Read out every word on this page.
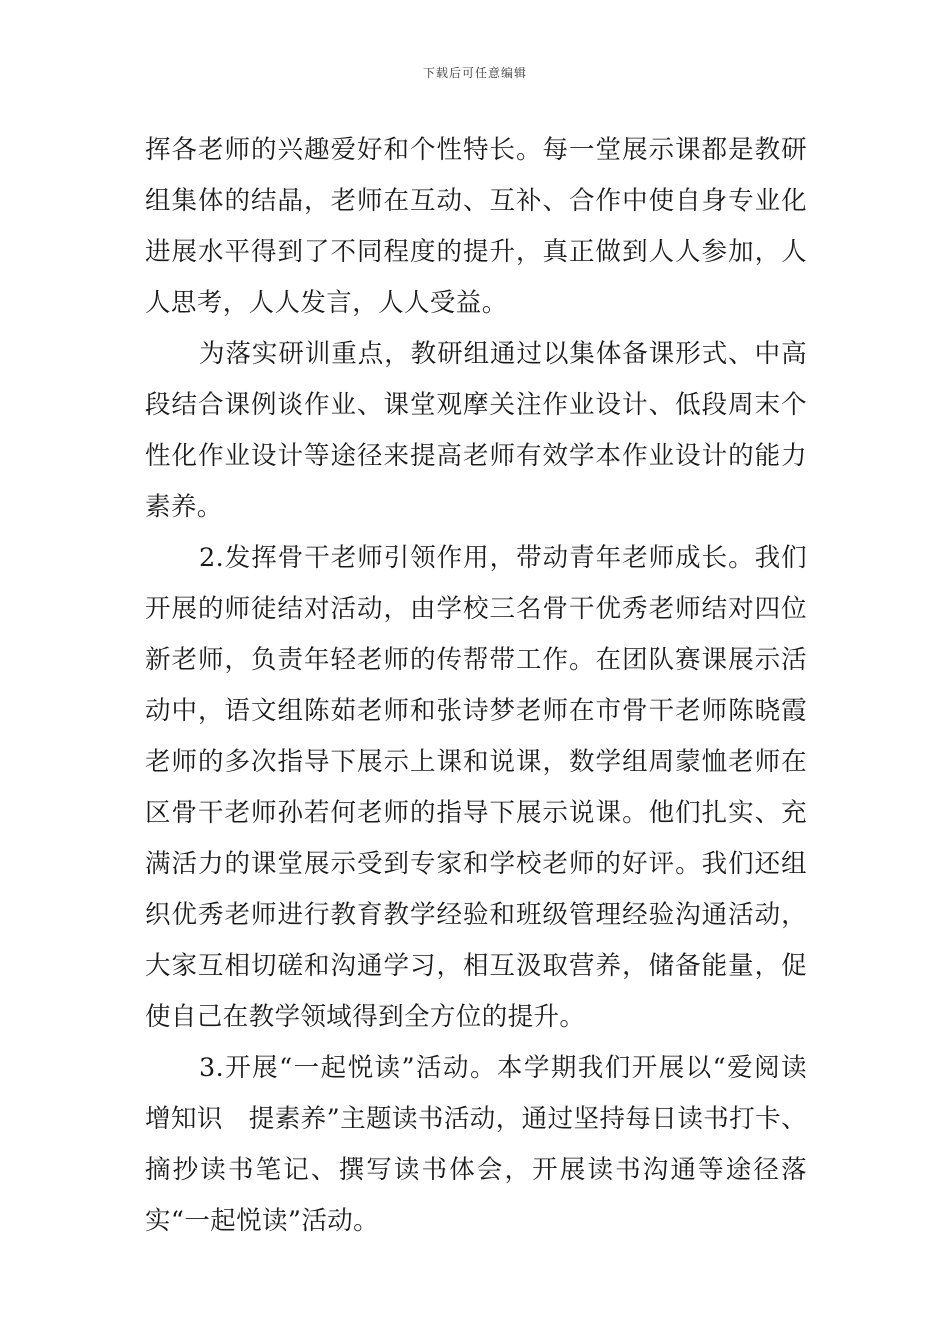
下载后可任意编辑

挥各老师的兴趣爱好和个性特长。每一堂展示课都是教研组集体的结晶，老师在互动、互补、合作中使自身专业化进展水平得到了不同程度的提升，真正做到人人参加，人人思考，人人发言，人人受益。

为落实研训重点，教研组通过以集体备课形式、中高段结合课例谈作业、课堂观摩关注作业设计、低段周末个性化作业设计等途径来提高老师有效学本作业设计的能力素养。

2.发挥骨干老师引领作用，带动青年老师成长。我们开展的师徒结对活动，由学校三名骨干优秀老师结对四位新老师，负责年轻老师的传帮带工作。在团队赛课展示活动中，语文组陈茹老师和张诗梦老师在市骨干老师陈晓霞老师的多次指导下展示上课和说课，数学组周蒙恤老师在区骨干老师孙若何老师的指导下展示说课。他们扎实、充满活力的课堂展示受到专家和学校老师的好评。我们还组织优秀老师进行教育教学经验和班级管理经验沟通活动，大家互相切磋和沟通学习，相互汲取营养，储备能量，促使自己在教学领域得到全方位的提升。

3.开展“一起悦读”活动。本学期我们开展以“爱阅读　增知识　提素养”主题读书活动，通过坚持每日读书打卡、摘抄读书笔记、撰写读书体会，开展读书沟通等途径落实“一起悦读”活动。
